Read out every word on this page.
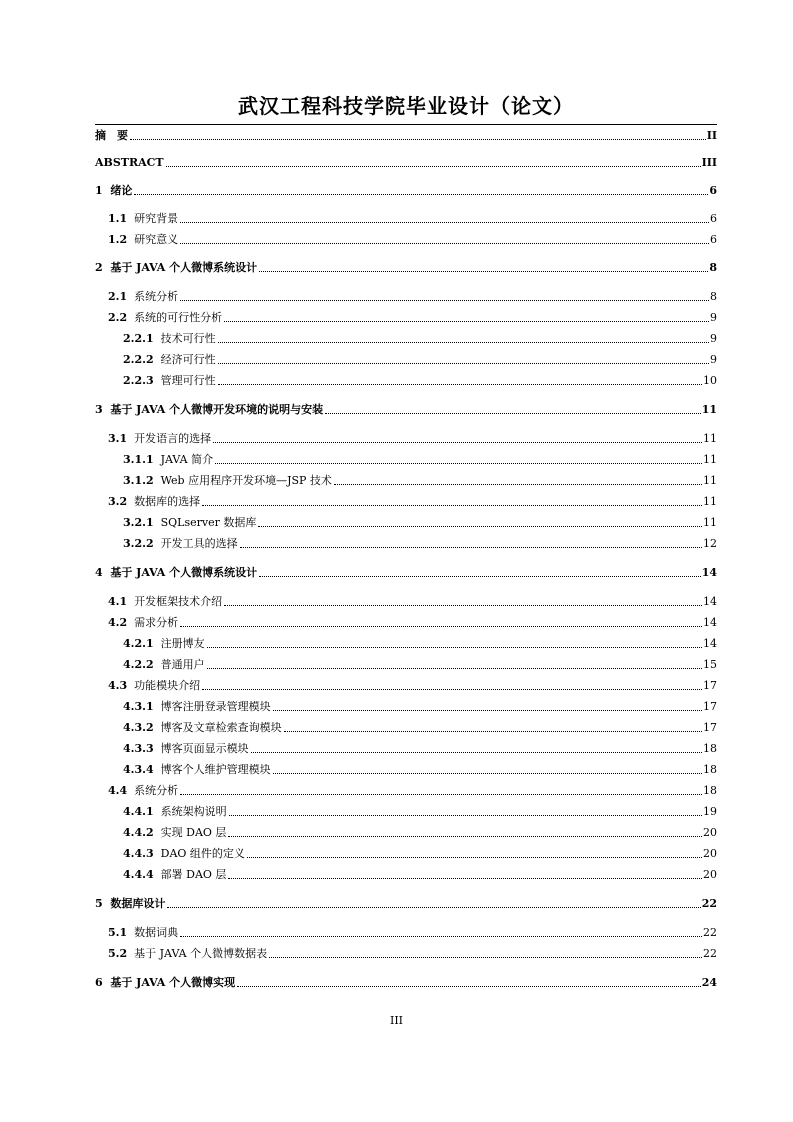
武汉工程科技学院毕业设计（论文）
摘　要	II
ABSTRACT	III
1 绪论	6
1.1 研究背景	6
1.2 研究意义	6
2 基于 JAVA 个人微博系统设计	8
2.1 系统分析	8
2.2 系统的可行性分析	9
2.2.1 技术可行性	9
2.2.2 经济可行性	9
2.2.3 管理可行性	10
3 基于 JAVA 个人微博开发环境的说明与安装	11
3.1 开发语言的选择	11
3.1.1 JAVA 简介	11
3.1.2 Web 应用程序开发环境—JSP 技术	11
3.2 数据库的选择	11
3.2.1 SQLserver 数据库	11
3.2.2 开发工具的选择	12
4 基于 JAVA 个人微博系统设计	14
4.1 开发框架技术介绍	14
4.2 需求分析	14
4.2.1 注册博友	14
4.2.2 普通用户	15
4.3 功能模块介绍	17
4.3.1 博客注册登录管理模块	17
4.3.2 博客及文章检索查询模块	17
4.3.3 博客页面显示模块	18
4.3.4 博客个人维护管理模块	18
4.4 系统分析	18
4.4.1 系统架构说明	19
4.4.2 实现 DAO 层	20
4.4.3 DAO 组件的定义	20
4.4.4 部署 DAO 层	20
5 数据库设计	22
5.1 数据词典	22
5.2 基于 JAVA 个人微博数据表	22
6 基于 JAVA 个人微博实现	24
III
